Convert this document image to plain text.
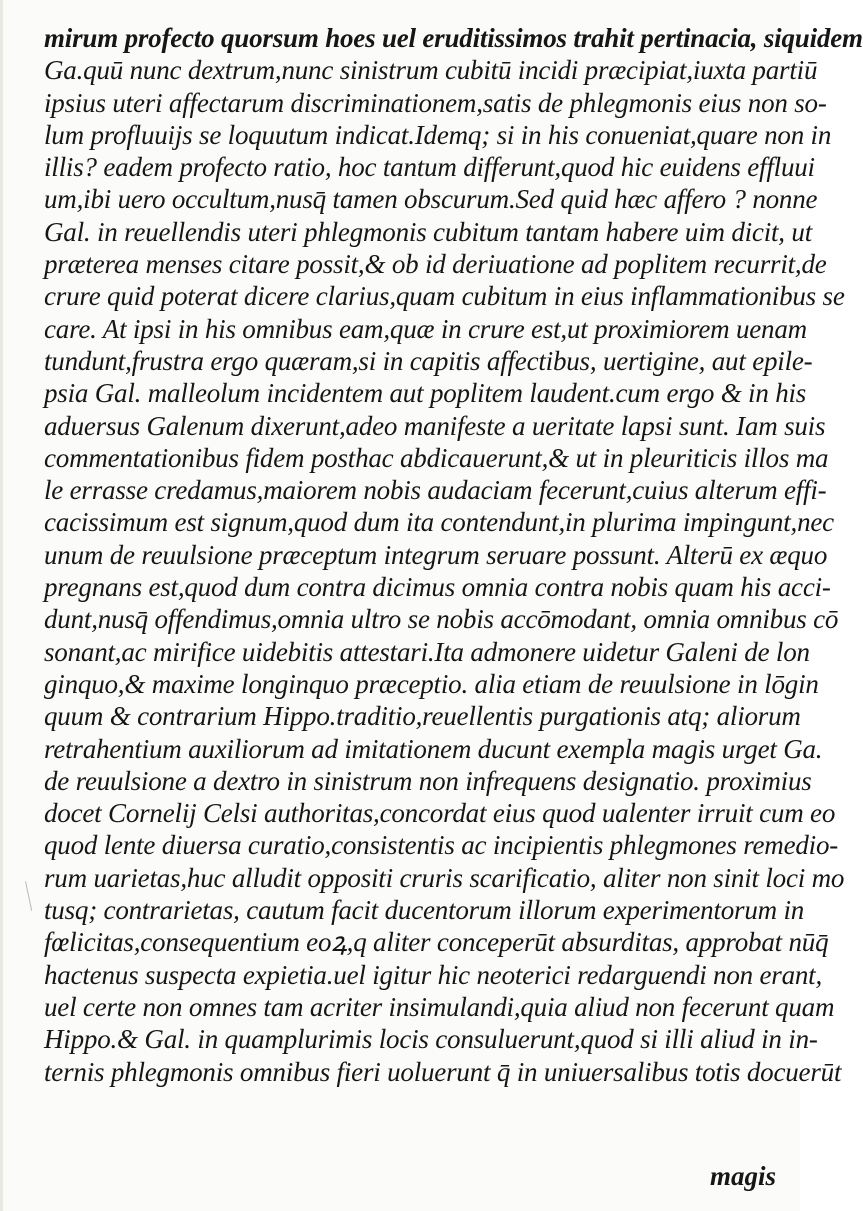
mirum profecto quorsum hoes uel eruditissimos trahit pertinacia, siquidem
Ga.quū nunc dextrum,nunc sinistrum cubitū incidi præcipiat,iuxta partiū
ipsius uteri affectarum discriminationem,satis de phlegmonis eius non so-
lum profluuijs se loquutum indicat.Idemq; si in his conueniat,quare non in
illis? eadem profecto ratio, hoc tantum differunt,quod hic euidens effluui
um,ibi uero occultum,nusq̄ tamen obscurum.Sed quid hæc affero ? nonne
Gal. in reuellendis uteri phlegmonis cubitum tantam habere uim dicit, ut
præterea menses citare possit,& ob id deriuatione ad poplitem recurrit,de
crure quid poterat dicere clarius,quam cubitum in eius inflammationibus se
care. At ipsi in his omnibus eam,quæ in crure est,ut proximiorem uenam
tundunt,frustra ergo quæram,si in capitis affectibus, uertigine, aut epile-
psia Gal. malleolum incidentem aut poplitem laudent.cum ergo & in his
aduersus Galenum dixerunt,adeo manifeste a ueritate lapsi sunt. Iam suis
commentationibus fidem posthac abdicauerunt,& ut in pleuriticis illos ma
le errasse credamus,maiorem nobis audaciam fecerunt,cuius alterum effi-
cacissimum est signum,quod dum ita contendunt,in plurima impingunt,nec
unum de reuulsione præceptum integrum seruare possunt. Alterū ex æquo
pregnans est,quod dum contra dicimus omnia contra nobis quam his acci-
dunt,nusq̄ offendimus,omnia ultro se nobis accōmodant, omnia omnibus cō
sonant,ac mirifice uidebitis attestari.Ita admonere uidetur Galeni de lon
ginquo,& maxime longinquo præceptio. alia etiam de reuulsione in lōgin
quum & contrarium Hippo.traditio,reuellentis purgationis atq; aliorum
retrahentium auxiliorum ad imitationem ducunt exempla magis urget Ga.
de reuulsione a dextro in sinistrum non infrequens designatio. proximius
docet Cornelij Celsi authoritas,concordat eius quod ualenter irruit cum eo
quod lente diuersa curatio,consistentis ac incipientis phlegmones remedio-
rum uarietas,huc alludit oppositi cruris scarificatio, aliter non sinit loci mo
tusq; contrarietas, cautum facit ducentorum illorum experimentorum in
fœlicitas,consequentium eoꝝ,q aliter conceperūt absurditas, approbat nūq̄
hactenus suspecta expietia.uel igitur hic neoterici redarguendi non erant,
uel certe non omnes tam acriter insimulandi,quia aliud non fecerunt quam
Hippo.& Gal. in quamplurimis locis consuluerunt,quod si illi aliud in in-
ternis phlegmonis omnibus fieri uoluerunt q̄ in uniuersalibus totis docuerūt
magis
